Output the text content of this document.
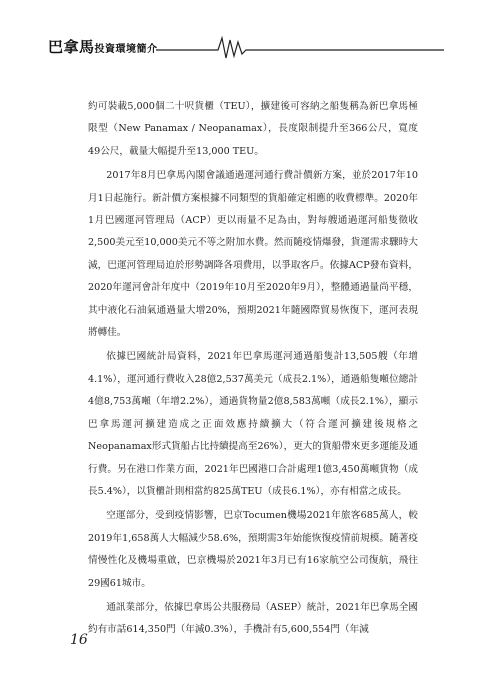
巴拿馬投資環境簡介

約可裝載5,000個二十呎貨櫃（TEU），擴建後可容納之船隻稱為新巴拿馬極限型（New Panamax / Neopanamax），長度限制提升至366公尺，寬度49公尺，載量大幅提升至13,000 TEU。

2017年8月巴拿馬內閣會議通過運河通行費計價新方案，並於2017年10月1日起施行。新計價方案根據不同類型的貨船確定相應的收費標準。2020年1月巴國運河管理局（ACP）更以雨量不足為由，對每艘通過運河船隻徵收2,500美元至10,000美元不等之附加水費。然而隨疫情爆發，貨運需求驟時大減，巴運河管理局迫於形勢調降各項費用，以爭取客戶。依據ACP發布資料，2020年運河會計年度中（2019年10月至2020年9月），整體通過量尚平穩，其中液化石油氣通過量大增20%，預期2021年隨國際貿易恢復下，運河表現將轉佳。

依據巴國統計局資料，2021年巴拿馬運河通過船隻計13,505艘（年增4.1%），運河通行費收入28億2,537萬美元（成長2.1%），通過船隻噸位總計4億8,753萬噸（年增2.2%），通過貨物量2億8,583萬噸（成長2.1%），顯示巴拿馬運河擴建造成之正面效應持續擴大（符合運河擴建後規格之Neopanamax形式貨船占比持續提高至26%），更大的貨船帶來更多運能及通行費。另在港口作業方面，2021年巴國港口合計處理1億3,450萬噸貨物（成長5.4%），以貨櫃計則相當約825萬TEU（成長6.1%），亦有相當之成長。

空運部分，受到疫情影響，巴京Tocumen機場2021年旅客685萬人，較2019年1,658萬人大幅減少58.6%，預期需3年始能恢復疫情前規模。隨著疫情慢性化及機場重啟，巴京機場於2021年3月已有16家航空公司復航，飛往29國61城市。

通訊業部分，依據巴拿馬公共服務局（ASEP）統計，2021年巴拿馬全國約有市話614,350門（年減0.3%），手機計有5,600,554門（年減

16
